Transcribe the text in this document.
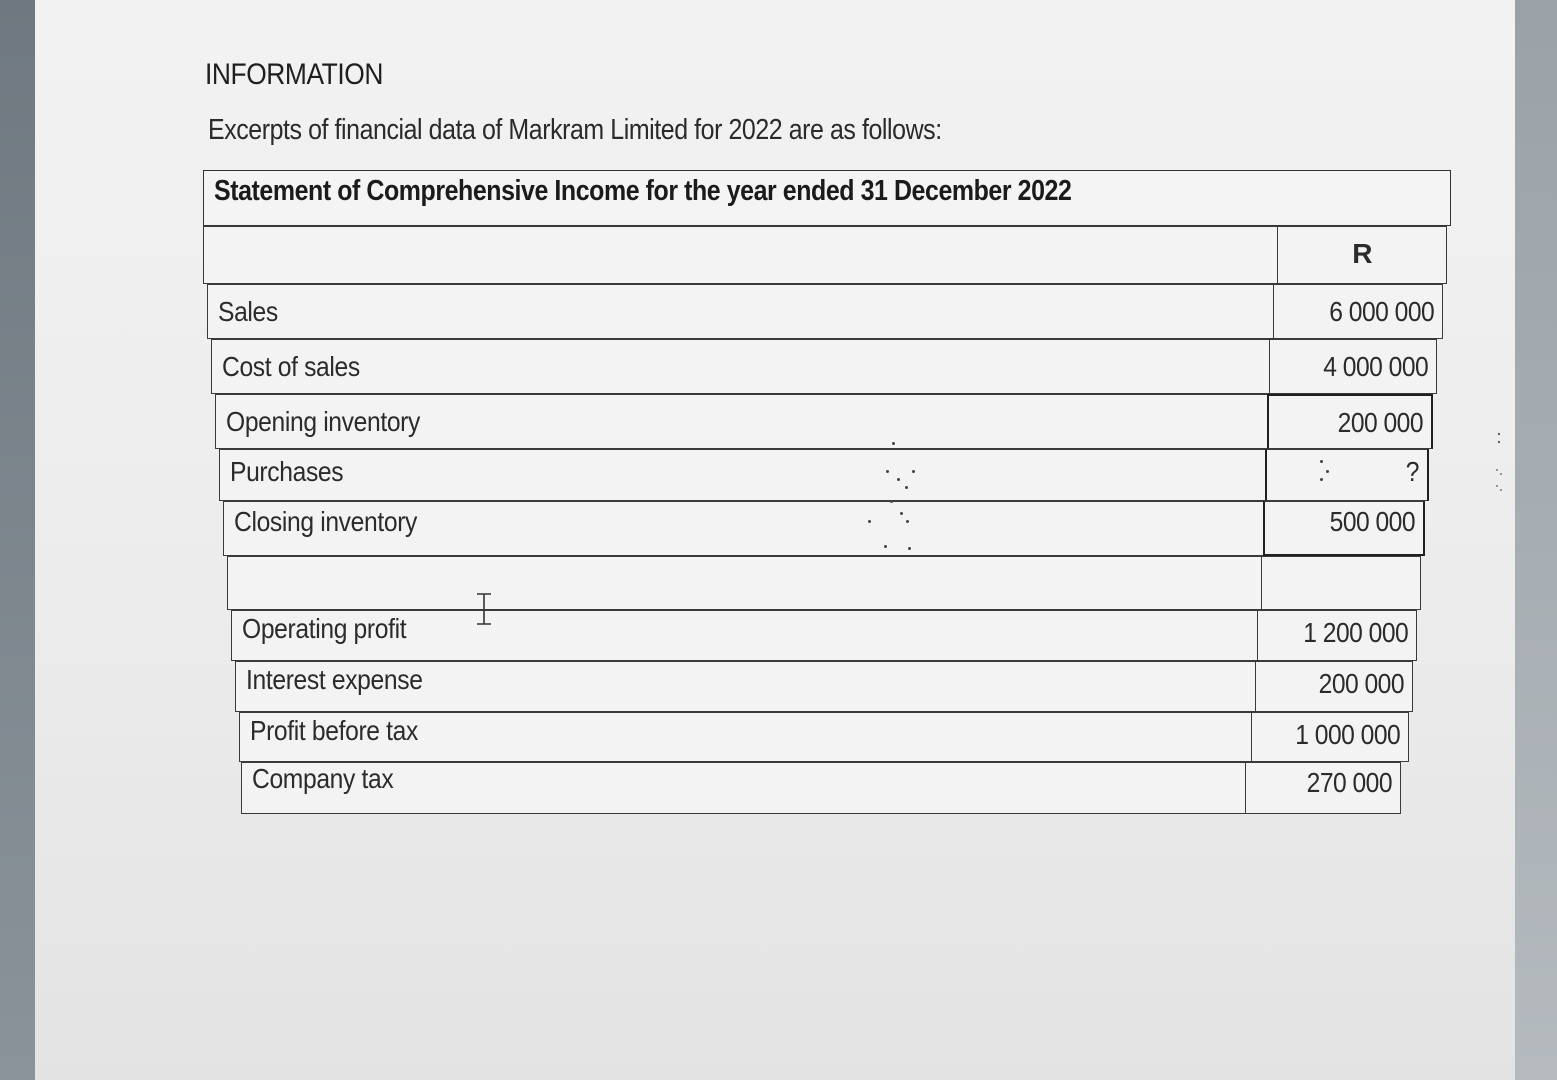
INFORMATION
Excerpts of financial data of Markram Limited for 2022 are as follows:
Statement of Comprehensive Income for the year ended 31 December 2022
R
Sales	6 000 000
Cost of sales	4 000 000
Opening inventory	200 000
Purchases	?
Closing inventory	500 000
Operating profit	1 200 000
Interest expense	200 000
Profit before tax	1 000 000
Company tax	270 000
